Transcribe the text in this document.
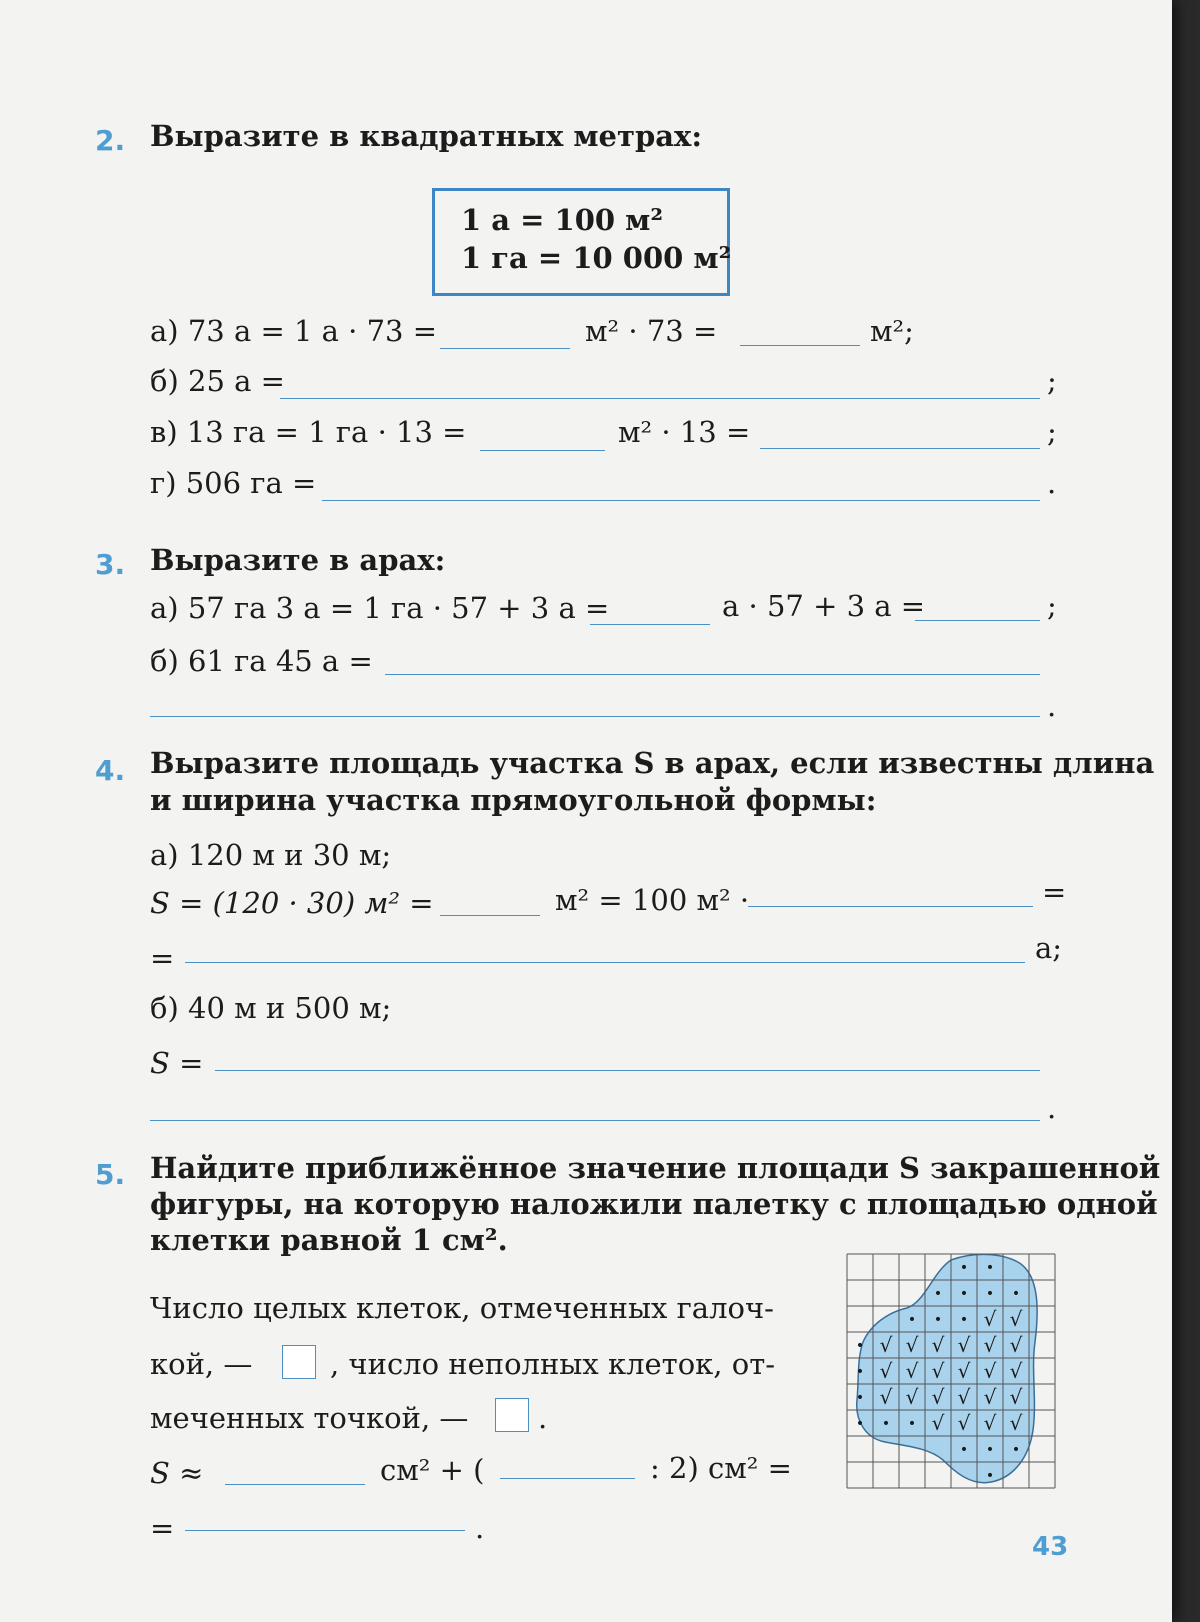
2. Выразите в квадратных метрах:
1 а = 100 м²
1 га = 10 000 м²
а) 73 а = 1 а · 73 =	м² · 73 =	м²;
б) 25 а =	;
в) 13 га = 1 га · 13 =	м² · 13 =	;
г) 506 га =	.
3. Выразите в арах:
а) 57 га 3 а = 1 га · 57 + 3 а =	а · 57 + 3 а =	;
б) 61 га 45 а =
.
4. Выразите площадь участка S в арах, если известны длина
и ширина участка прямоугольной формы:
а) 120 м и 30 м;
S = (120 · 30) м² =	м² = 100 м² ·	=
=	а;
б) 40 м и 500 м;
S =
.
5. Найдите приближённое значение площади S закрашенной
фигуры, на которую наложили палетку с площадью одной
клетки равной 1 см².
Число целых клеток, отмеченных галоч-
кой, —	, число неполных клеток, от-
меченных точкой, — .
S ≈	см² + (	: 2) см² =
=	.
√ √
√ √ √ √ √ √
√ √ √ √ √ √
√ √ √ √ √ √
√ √ √ √
• •
• • • •
• • •
•
•
•
• • •
• • •
•
43
